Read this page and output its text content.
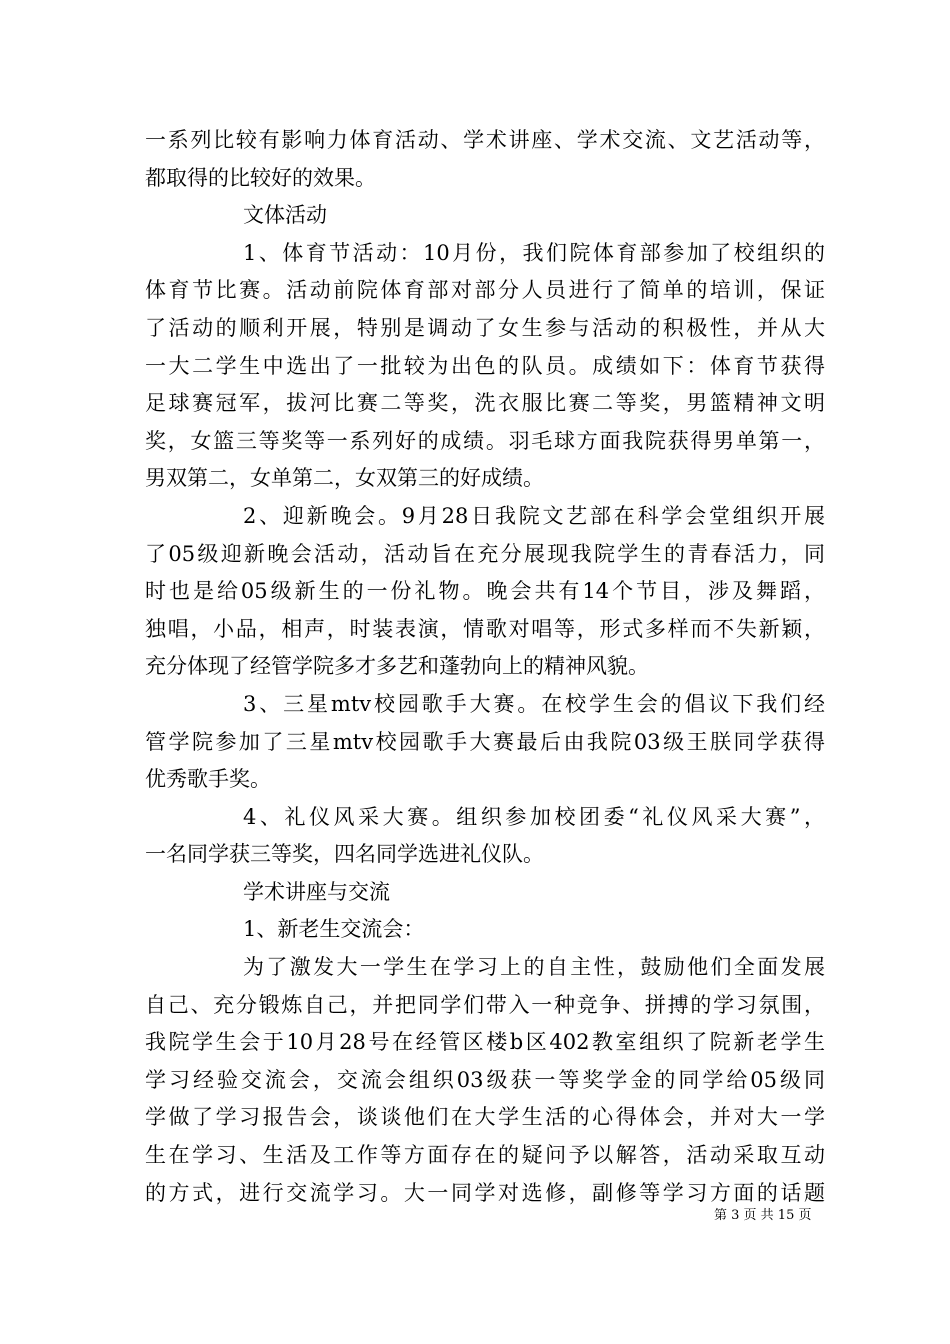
一系列比较有影响力体育活动、学术讲座、学术交流、文艺活动等，
都取得的比较好的效果。
文体活动
1、体育节活动：10月份，我们院体育部参加了校组织的
体育节比赛。活动前院体育部对部分人员进行了简单的培训，保证
了活动的顺利开展，特别是调动了女生参与活动的积极性，并从大
一大二学生中选出了一批较为出色的队员。成绩如下：体育节获得
足球赛冠军，拔河比赛二等奖，洗衣服比赛二等奖，男篮精神文明
奖，女篮三等奖等一系列好的成绩。羽毛球方面我院获得男单第一，
男双第二，女单第二，女双第三的好成绩。
2、迎新晚会。9月28日我院文艺部在科学会堂组织开展
了05级迎新晚会活动，活动旨在充分展现我院学生的青春活力，同
时也是给05级新生的一份礼物。晚会共有14个节目，涉及舞蹈，
独唱，小品，相声，时装表演，情歌对唱等，形式多样而不失新颖，
充分体现了经管学院多才多艺和蓬勃向上的精神风貌。
3、三星mtv校园歌手大赛。在校学生会的倡议下我们经
管学院参加了三星mtv校园歌手大赛最后由我院03级王朕同学获得
优秀歌手奖。
4、礼仪风采大赛。组织参加校团委“礼仪风采大赛”，
一名同学获三等奖，四名同学选进礼仪队。
学术讲座与交流
1、新老生交流会：
为了激发大一学生在学习上的自主性，鼓励他们全面发展
自己、充分锻炼自己，并把同学们带入一种竞争、拼搏的学习氛围，
我院学生会于10月28号在经管区楼b区402教室组织了院新老学生
学习经验交流会，交流会组织03级获一等奖学金的同学给05级同
学做了学习报告会，谈谈他们在大学生活的心得体会，并对大一学
生在学习、生活及工作等方面存在的疑问予以解答，活动采取互动
的方式，进行交流学习。大一同学对选修，副修等学习方面的话题
第 3 页 共 15 页
